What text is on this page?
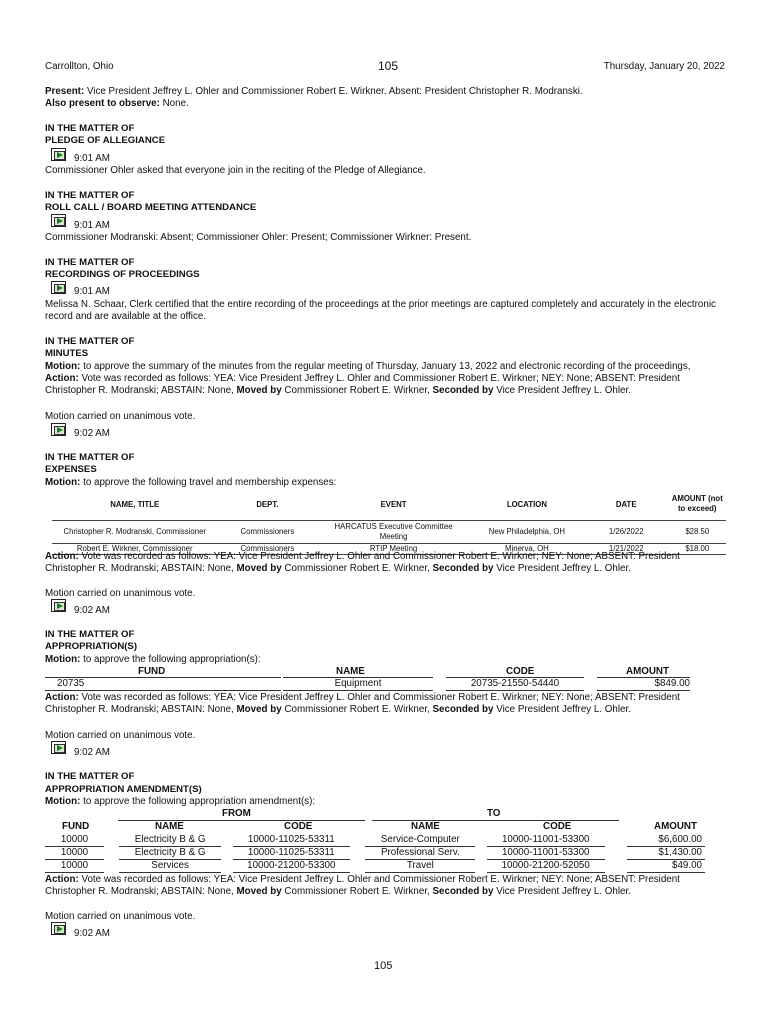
Carrollton, Ohio	105	Thursday, January 20, 2022
Present: Vice President Jeffrey L. Ohler and Commissioner Robert E. Wirkner. Absent: President Christopher R. Modranski.
Also present to observe: None.
IN THE MATTER OF
PLEDGE OF ALLEGIANCE
9:01 AM
Commissioner Ohler asked that everyone join in the reciting of the Pledge of Allegiance.
IN THE MATTER OF
ROLL CALL / BOARD MEETING ATTENDANCE
9:01 AM
Commissioner Modranski: Absent; Commissioner Ohler: Present; Commissioner Wirkner: Present.
IN THE MATTER OF
RECORDINGS OF PROCEEDINGS
9:01 AM
Melissa N. Schaar, Clerk certified that the entire recording of the proceedings at the prior meetings are captured completely and accurately in the electronic record and are available at the office.
IN THE MATTER OF
MINUTES
Motion: to approve the summary of the minutes from the regular meeting of Thursday, January 13, 2022 and electronic recording of the proceedings, Action: Vote was recorded as follows: YEA: Vice President Jeffrey L. Ohler and Commissioner Robert E. Wirkner; NEY: None; ABSENT: President Christopher R. Modranski; ABSTAIN: None, Moved by Commissioner Robert E. Wirkner, Seconded by Vice President Jeffrey L. Ohler.
Motion carried on unanimous vote.
9:02 AM
IN THE MATTER OF
EXPENSES
Motion: to approve the following travel and membership expenses:
NAME, TITLE	DEPT.	EVENT	LOCATION	DATE	AMOUNT (not to exceed)
Christopher R. Modranski, Commissioner	Commissioners	HARCATUS Executive Committee Meeting	New Philadelphia, OH	1/26/2022	$28.50
Robert E. Wirkner, Commissioner	Commissioners	RTIP Meeting	Minerva, OH	1/21/2022	$18.00
Action: Vote was recorded as follows: YEA: Vice President Jeffrey L. Ohler and Commissioner Robert E. Wirkner; NEY: None; ABSENT: President Christopher R. Modranski; ABSTAIN: None, Moved by Commissioner Robert E. Wirkner, Seconded by Vice President Jeffrey L. Ohler.
Motion carried on unanimous vote.
9:02 AM
IN THE MATTER OF
APPROPRIATION(S)
Motion: to approve the following appropriation(s):
FUND	NAME	CODE	AMOUNT
20735	Equipment	20735-21550-54440	$849.00
Action: Vote was recorded as follows: YEA: Vice President Jeffrey L. Ohler and Commissioner Robert E. Wirkner; NEY: None; ABSENT: President Christopher R. Modranski; ABSTAIN: None, Moved by Commissioner Robert E. Wirkner, Seconded by Vice President Jeffrey L. Ohler.
Motion carried on unanimous vote.
9:02 AM
IN THE MATTER OF
APPROPRIATION AMENDMENT(S)
Motion: to approve the following appropriation amendment(s):
FROM	TO
FUND	NAME	CODE	NAME	CODE	AMOUNT
10000		Electricity B & G		10000-11025-53311		Service-Computer		10000-11001-53300		$6,600.00
10000		Electricity B & G		10000-11025-53311		Professional Serv.		10000-11001-53300		$1,430.00
10000		Services		10000-21200-53300		Travel		10000-21200-52050		$49.00
Action: Vote was recorded as follows: YEA: Vice President Jeffrey L. Ohler and Commissioner Robert E. Wirkner; NEY: None; ABSENT: President Christopher R. Modranski; ABSTAIN: None, Moved by Commissioner Robert E. Wirkner, Seconded by Vice President Jeffrey L. Ohler.
Motion carried on unanimous vote.
9:02 AM
105
